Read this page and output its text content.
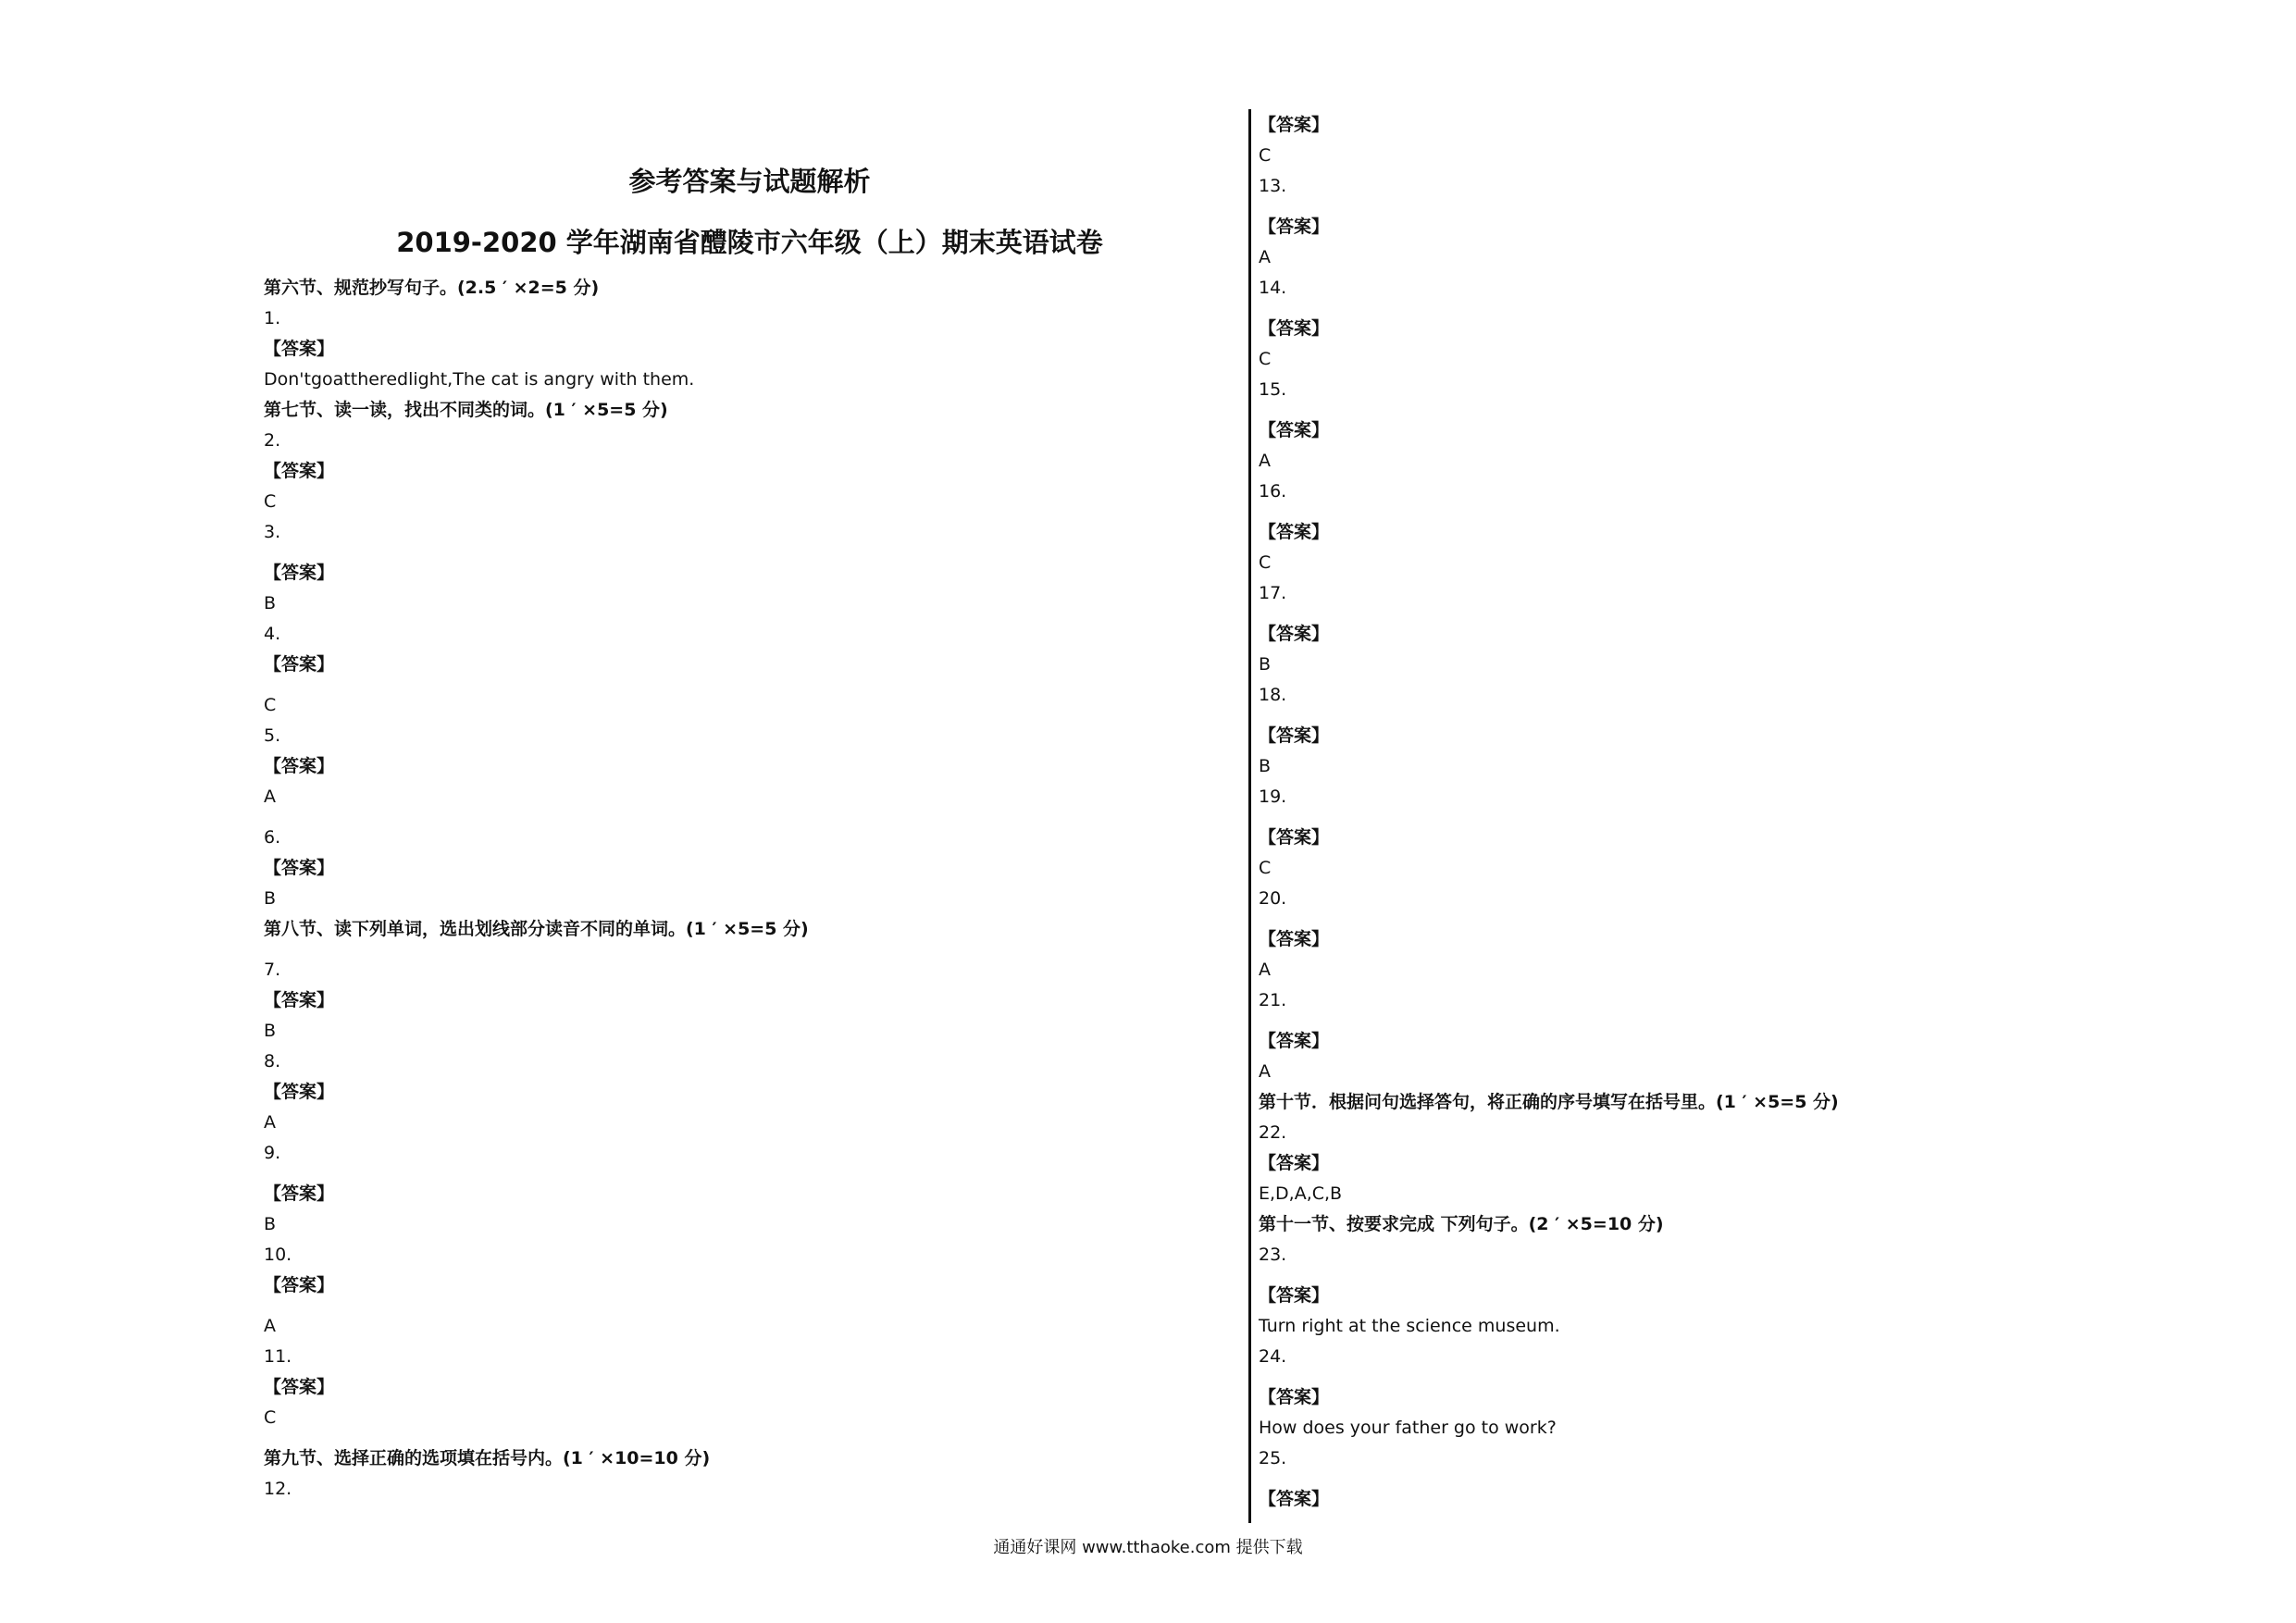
参考答案与试题解析
2019-2020 学年湖南省醴陵市六年级（上）期末英语试卷
第六节、规范抄写句子。(2.5 ′ ×2=5 分)
1.
【答案】
Don'tgoattheredlight,The cat is angry with them.
第七节、读一读，找出不同类的词。(1 ′ ×5=5 分)
2.
【答案】
C
3.
【答案】
B
4.
【答案】
C
5.
【答案】
A
6.
【答案】
B
第八节、读下列单词，选出划线部分读音不同的单词。(1 ′ ×5=5 分)
7.
【答案】
B
8.
【答案】
A
9.
【答案】
B
10.
【答案】
A
11.
【答案】
C
第九节、选择正确的选项填在括号内。(1 ′ ×10=10 分)
12.
【答案】
C
13.
【答案】
A
14.
【答案】
C
15.
【答案】
A
16.
【答案】
C
17.
【答案】
B
18.
【答案】
B
19.
【答案】
C
20.
【答案】
A
21.
【答案】
A
第十节．根据问句选择答句，将正确的序号填写在括号里。(1 ′ ×5=5 分)
22.
【答案】
E,D,A,C,B
第十一节、按要求完成 下列句子。(2 ′ ×5=10 分)
23.
【答案】
Turn right at the science museum.
24.
【答案】
How does your father go to work?
25.
【答案】
通通好课网 www.tthaoke.com 提供下载
